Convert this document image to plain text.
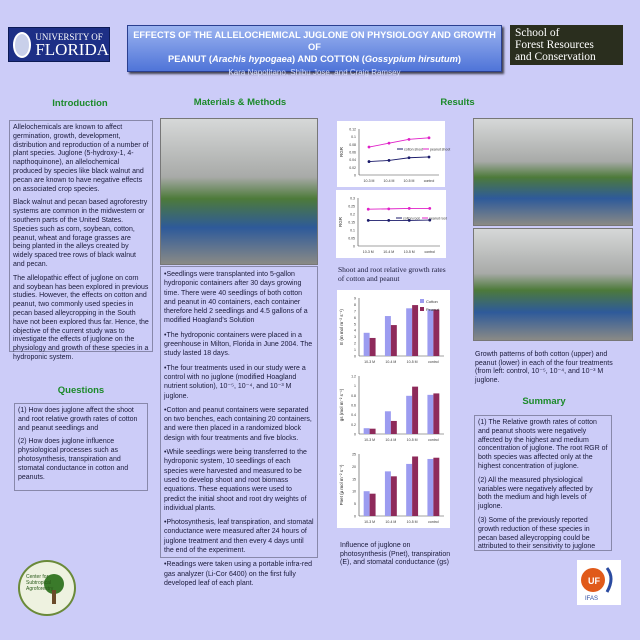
UNIVERSITY OF
FLORIDA
EFFECTS OF THE ALLELOCHEMICAL JUGLONE ON PHYSIOLOGY AND GROWTH OF
PEANUT (Arachis hypogaea) AND COTTON (Gossypium hirsutum)
Kara Napolitano, Shibu Jose, and Craig Ramsey
School of
Forest Resources
and Conservation
Introduction	Materials & Methods	Results

Allelochemicals are known to affect germination, growth, development, distribution and reproduction of a number of plant species. Juglone (5-hydroxy-1, 4-napthoquinone), an allelochemical produced by species like black walnut and pecan are known to have negative effects on associated crop species.

Black walnut and pecan based agroforestry systems are common in the midwestern or southern parts of the United States. Species such as corn, soybean, cotton, peanut, wheat and forage grasses are being planted in the alleys created by widely spaced tree rows of black walnut and pecan.

The allelopathic effect of juglone on corn and soybean has been explored in previous studies. However, the effects on cotton and peanut, two commonly used species in pecan based alleycropping in the South have not been explored thus far. Hence, the objective of the current study was to investigate the effects of juglone on the physiology and growth of these species in a hydroponic system.

Questions

(1) How does juglone affect the shoot and root relative growth rates of cotton and peanut seedlings and

(2) How does juglone influence physiological processes such as photosynthesis, transpiration and stomatal conductance in cotton and peanuts.

Center for
Subtropical
Agroforestry

•Seedlings were transplanted into 5-gallon hydroponic containers after 30 days growing time. There were 40 seedlings of both cotton and peanut in 40 containers, each container therefore held 2 seedlings and 4.5 gallons of a modified Hoagland's Solution

•The hydroponic containers were placed in a greenhouse in Milton, Florida in June 2004. The study lasted 18 days.

•The four treatments used in our study were a control with no juglone (modified Hoagland nutrient solution), 10⁻⁵, 10⁻⁴, and 10⁻³ M juglone.

•Cotton and peanut containers were separated on two benches, each containing 20 containers, and were then placed in a randomized block design with four treatments and five blocks.

•While seedlings were being transferred to the hydroponic system, 10 seedlings of each species were harvested and measured to be used to develop shoot and root biomass equations. These equations were used to predict the initial shoot and root dry weights of individual plants.

•Photosynthesis, leaf transpiration, and stomatal conductance were measured after 24 hours of juglone treatment and then every 4 days until the end of the experiment.

•Readings were taken using a portable infra-red gas analyzer (Li-Cor 6400) on the first fully developed leaf of each plant.

0
0.02
0.04
0.06
0.08
0.1
0.12
RGR
10-3 M	10-4 M	10-5 M	control
cotton shoot peanut shoot
0
0.05
0.1
0.15
0.2
0.25
0.3
RGR
10-3 M	10-4 M	10-5 M	control
cotton root	peanut root
Shoot and root relative growth rates of cotton and peanut
0
1
2
3
4
5
6
7
8
9
E (m mol m⁻² s⁻¹)
10-3 M	10-4 M	10-5 M	control
Cotton
Peanut
0
0.2
0.4
0.6
0.8
1
1.2
gs (mol m⁻² s⁻¹)
10-3 M	10-4 M	10-5 M	control
0
5
10
15
20
25
Pnet (µ mol m⁻² s⁻¹)
10-3 M	10-4 M	10-5 M	control
Influence of juglone on photosynthesis (Pnet), transpiration (E), and stomatal conductance (gs)
Growth patterns of both cotton (upper) and peanut (lower) in each of the four treatments (from left: control, 10⁻⁵, 10⁻⁴, and 10⁻³ M juglone.
Summary

(1) The Relative growth rates of cotton and peanut shoots were negatively affected by the highest and medium concentration of juglone. The root RGR of both species was affected only at the highest concentration of juglone.

(2) All the measured physiological variables were negatively affected by both the medium and high levels of juglone.

(3) Some of the previously reported growth reduction of these species in pecan based alleycropping could be attributed to their sensitivity to juglone

UF
IFAS
